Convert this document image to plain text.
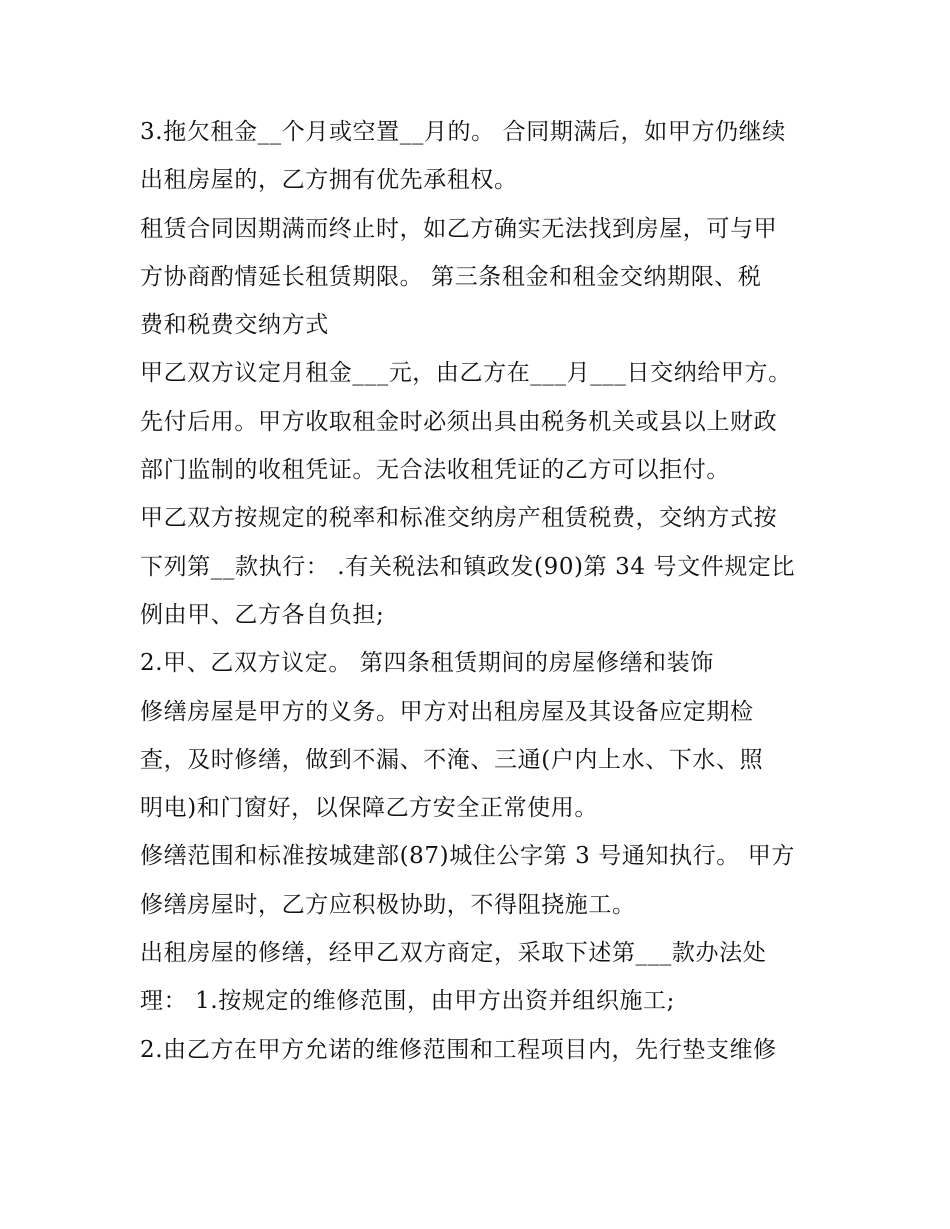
3.拖欠租金__个月或空置__月的。 合同期满后，如甲方仍继续
出租房屋的，乙方拥有优先承租权。
租赁合同因期满而终止时，如乙方确实无法找到房屋，可与甲
方协商酌情延长租赁期限。 第三条租金和租金交纳期限、税
费和税费交纳方式
甲乙双方议定月租金___元，由乙方在___月___日交纳给甲方。
先付后用。甲方收取租金时必须出具由税务机关或县以上财政
部门监制的收租凭证。无合法收租凭证的乙方可以拒付。
甲乙双方按规定的税率和标准交纳房产租赁税费，交纳方式按
下列第__款执行： .有关税法和镇政发(90)第 34 号文件规定比
例由甲、乙方各自负担;
2.甲、乙双方议定。 第四条租赁期间的房屋修缮和装饰
修缮房屋是甲方的义务。甲方对出租房屋及其设备应定期检
查，及时修缮，做到不漏、不淹、三通(户内上水、下水、照
明电)和门窗好，以保障乙方安全正常使用。
修缮范围和标准按城建部(87)城住公字第 3 号通知执行。 甲方
修缮房屋时，乙方应积极协助，不得阻挠施工。
出租房屋的修缮，经甲乙双方商定，采取下述第___款办法处
理： 1.按规定的维修范围，由甲方出资并组织施工;
2.由乙方在甲方允诺的维修范围和工程项目内，先行垫支维修
